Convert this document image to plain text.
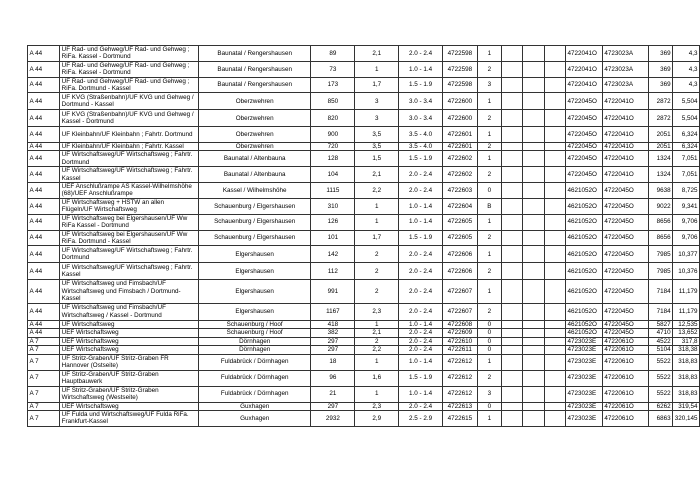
A 44	UF Rad- und Gehweg/UF Rad- und Gehweg ; RiFa. Kassel - Dortmund	Baunatal / Rengershausen	89	2,1	2.0 - 2.4	4722598	1				4722041O	4723023A	369	4,3
A 44	UF Rad- und Gehweg/UF Rad- und Gehweg ; RiFa. Kassel - Dortmund	Baunatal / Rengershausen	73	1	1.0 - 1.4	4722598	2				4722041O	4723023A	369	4,3
A 44	UF Rad- und Gehweg/UF Rad- und Gehweg ; RiFa. Dortmund - Kassel	Baunatal / Rengershausen	173	1,7	1.5 - 1.9	4722598	3				4722041O	4723023A	369	4,3
A 44	UF KVG (Straßenbahn)/UF KVG und Gehweg / Dortmund - Kassel	Oberzwehren	850	3	3.0 - 3.4	4722600	1				4722045O	4722041O	2872	5,504
A 44	UF KVG (Straßenbahn)/UF KVG und Gehweg / Kassel - Dortmund	Oberzwehren	820	3	3.0 - 3.4	4722600	2				4722045O	4722041O	2872	5,504
A 44	UF Kleinbahn/UF Kleinbahn ; Fahrtr. Dortmund	Oberzwehren	900	3,5	3.5 - 4.0	4722601	1				4722045O	4722041O	2051	6,324
A 44	UF Kleinbahn/UF Kleinbahn ; Fahrtr. Kassel	Oberzwehren	720	3,5	3.5 - 4.0	4722601	2				4722045O	4722041O	2051	6,324
A 44	UF Wirtschaftsweg/UF Wirtschaftsweg ; Fahrtr. Dortmund	Baunatal / Altenbauna	128	1,5	1.5 - 1.9	4722602	1				4722045O	4722041O	1324	7,051
A 44	UF Wirtschaftsweg/UF Wirtschaftsweg ; Fahrtr. Kassel	Baunatal / Altenbauna	104	2,1	2.0 - 2.4	4722602	2				4722045O	4722041O	1324	7,051
A 44	UEF Anschlußrampe AS Kassel-Wilhelmshöhe (68)/UEF Anschlußrampe	Kassel / Wilhelmshöhe	1115	2,2	2.0 - 2.4	4722603	0				4621052O	4722045O	9638	8,725
A 44	UF Wirtschaftsweg + HSTW an allen Flügeln/UF Wirtschaftsweg	Schauenburg / Elgershausen	310	1	1.0 - 1.4	4722604	B				4621052O	4722045O	9022	9,341
A 44	UF Wirtschaftsweg bei Elgershausen/UF Ww RiFa Kassel - Dortmund	Schauenburg / Elgershausen	126	1	1.0 - 1.4	4722605	1				4621052O	4722045O	8656	9,706
A 44	UF Wirtschaftsweg bei Elgershausen/UF Ww RiFa. Dortmund - Kassel	Schauenburg / Elgershausen	101	1,7	1.5 - 1.9	4722605	2				4621052O	4722045O	8656	9,706
A 44	UF Wirtschaftsweg/UF Wirtschaftsweg ; Fahrtr. Dortmund	Elgershausen	142	2	2.0 - 2.4	4722606	1				4621052O	4722045O	7985	10,377
A 44	UF Wirtschaftsweg/UF Wirtschaftsweg ; Fahrtr. Kassel	Elgershausen	112	2	2.0 - 2.4	4722606	2				4621052O	4722045O	7985	10,376
A 44	UF Wirtschaftsweg und Fimsbach/UF Wirtschaftsweg und Fimsbach / Dortmund-Kassel	Elgershausen	991	2	2.0 - 2.4	4722607	1				4621052O	4722045O	7184	11,179
A 44	UF Wirtschaftsweg und Fimsbach/UF Wirtschaftsweg / Kassel - Dortmund	Elgershausen	1167	2,3	2.0 - 2.4	4722607	2				4621052O	4722045O	7184	11,179
A 44	UF Wirtschaftsweg	Schauenburg / Hoof	418	1	1.0 - 1.4	4722608	0				4621052O	4722045O	5827	12,535
A 44	UEF Wirtschaftsweg	Schauenburg / Hoof	382	2,1	2.0 - 2.4	4722609	0				4621052O	4722045O	4710	13,652
A 7	UEF Wirtschaftsweg	Dörnhagen	297	2	2.0 - 2.4	4722610	0				4723023E	4722061O	4522	317,8
A 7	UEF Wirtschaftsweg	Dörnhagen	297	2,2	2.0 - 2.4	4722611	0				4723023E	4722061O	5104	318,38
A 7	UF Stritz-Graben/UF Stritz-Graben FR Hannover (Ostseite)	Fuldabrück / Dörnhagen	18	1	1.0 - 1.4	4722612	1				4723023E	4722061O	5522	318,83
A 7	UF Stritz-Graben/UF Stritz-Graben Hauptbauwerk	Fuldabrück / Dörnhagen	96	1,6	1.5 - 1.9	4722612	2				4723023E	4722061O	5522	318,83
A 7	UF Stritz-Graben/UF Stritz-Graben Wirtschaftsweg (Westseite)	Fuldabrück / Dörnhagen	21	1	1.0 - 1.4	4722612	3				4723023E	4722061O	5522	318,83
A 7	UEF Wirtschaftsweg	Guxhagen	297	2,3	2.0 - 2.4	4722613	0				4723023E	4722061O	6262	319,54
A 7	UF Fulda und Wirtschaftsweg/UF Fulda RiFa. Frankfurt-Kassel	Guxhagen	2932	2,9	2.5 - 2.9	4722615	1				4723023E	4722061O	6863	320,145
